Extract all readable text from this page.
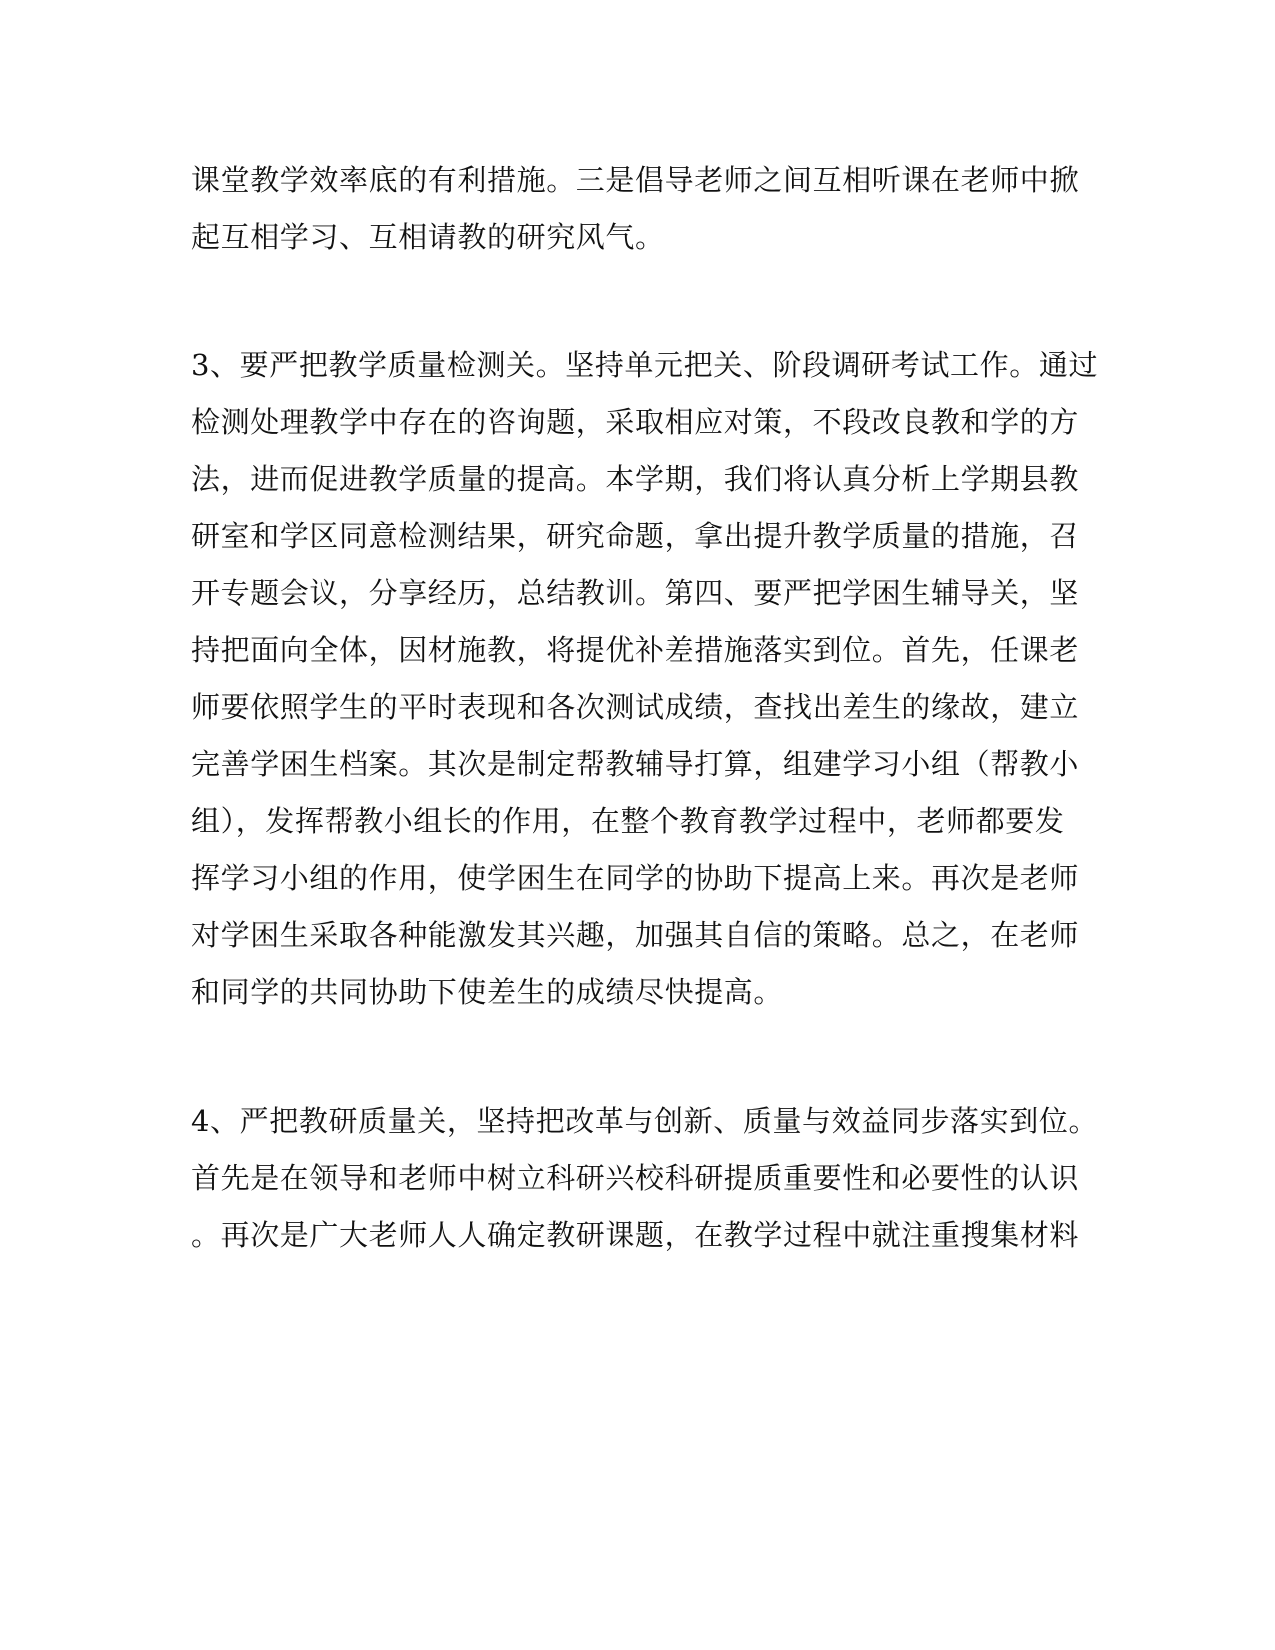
课堂教学效率底的有利措施。三是倡导老师之间互相听课在老师中掀
起互相学习、互相请教的研究风气。
3、要严把教学质量检测关。坚持单元把关、阶段调研考试工作。通过
检测处理教学中存在的咨询题，采取相应对策，不段改良教和学的方
法，进而促进教学质量的提高。本学期，我们将认真分析上学期县教
研室和学区同意检测结果，研究命题，拿出提升教学质量的措施，召
开专题会议，分享经历，总结教训。第四、要严把学困生辅导关，坚
持把面向全体，因材施教，将提优补差措施落实到位。首先，任课老
师要依照学生的平时表现和各次测试成绩，查找出差生的缘故，建立
完善学困生档案。其次是制定帮教辅导打算，组建学习小组（帮教小
组），发挥帮教小组长的作用，在整个教育教学过程中，老师都要发
挥学习小组的作用，使学困生在同学的协助下提高上来。再次是老师
对学困生采取各种能激发其兴趣，加强其自信的策略。总之，在老师
和同学的共同协助下使差生的成绩尽快提高。
4、严把教研质量关，坚持把改革与创新、质量与效益同步落实到位。
首先是在领导和老师中树立科研兴校科研提质重要性和必要性的认识
。再次是广大老师人人确定教研课题，在教学过程中就注重搜集材料
